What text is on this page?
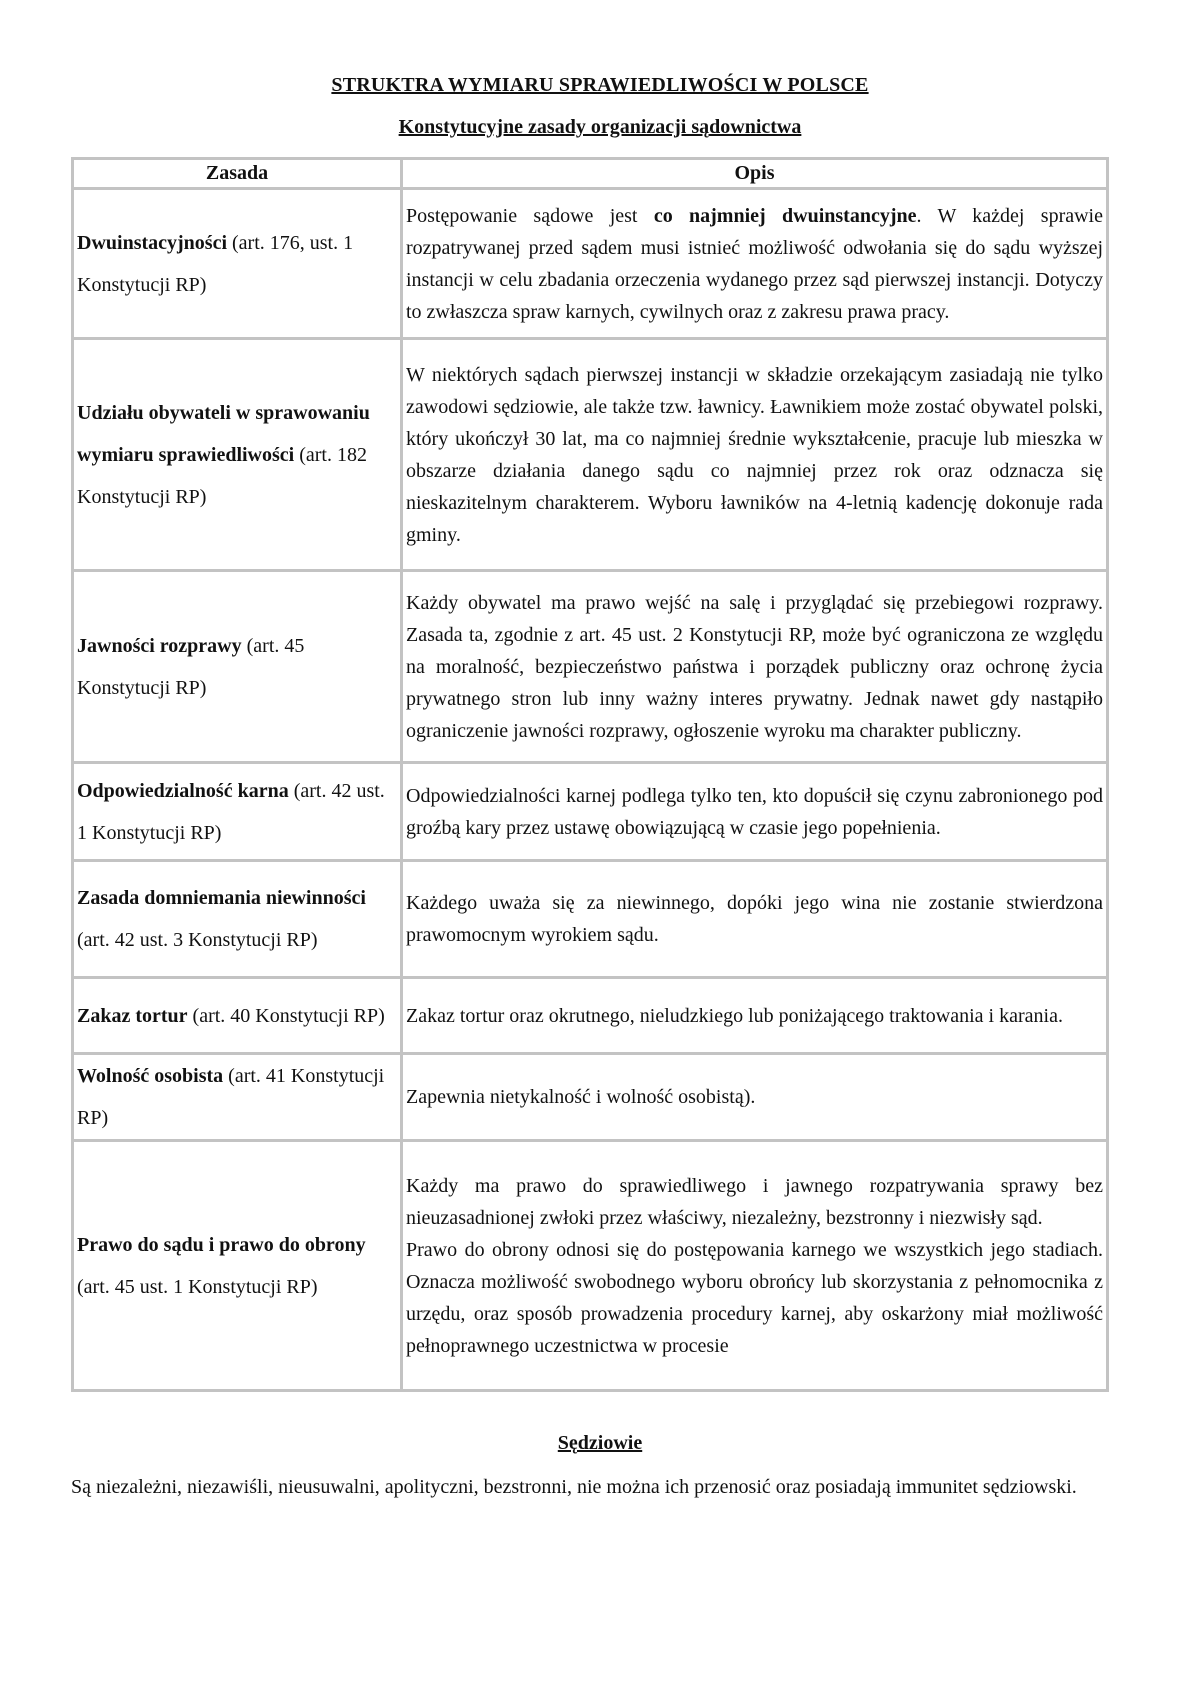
STRUKTRA WYMIARU SPRAWIEDLIWOŚCI W POLSCE
Konstytucyjne zasady organizacji sądownictwa
Zasada	Opis
Dwuinstacyjności (art. 176, ust. 1 Konstytucji RP)	Postępowanie sądowe jest co najmniej dwuinstancyjne. W każdej sprawie rozpatrywanej przed sądem musi istnieć możliwość odwołania się do sądu wyższej instancji w celu zbadania orzeczenia wydanego przez sąd pierwszej instancji. Dotyczy to zwłaszcza spraw karnych, cywilnych oraz z zakresu prawa pracy.
Udziału obywateli w sprawowaniu wymiaru sprawiedliwości (art. 182 Konstytucji RP)	W niektórych sądach pierwszej instancji w składzie orzekającym zasiadają nie tylko zawodowi sędziowie, ale także tzw. ławnicy. Ławnikiem może zostać obywatel polski, który ukończył 30 lat, ma co najmniej średnie wykształcenie, pracuje lub mieszka w obszarze działania danego sądu co najmniej przez rok oraz odznacza się nieskazitelnym charakterem. Wyboru ławników na 4-letnią kadencję dokonuje rada gminy.
Jawności rozprawy (art. 45 Konstytucji RP)	Każdy obywatel ma prawo wejść na salę i przyglądać się przebiegowi rozprawy. Zasada ta, zgodnie z art. 45 ust. 2 Konstytucji RP, może być ograniczona ze względu na moralność, bezpieczeństwo państwa i porządek publiczny oraz ochronę życia prywatnego stron lub inny ważny interes prywatny. Jednak nawet gdy nastąpiło ograniczenie jawności rozprawy, ogłoszenie wyroku ma charakter publiczny.
Odpowiedzialność karna (art. 42 ust. 1 Konstytucji RP)	Odpowiedzialności karnej podlega tylko ten, kto dopuścił się czynu zabronionego pod groźbą kary przez ustawę obowiązującą w czasie jego popełnienia.
Zasada domniemania niewinności (art. 42 ust. 3 Konstytucji RP)	Każdego uważa się za niewinnego, dopóki jego wina nie zostanie stwierdzona prawomocnym wyrokiem sądu.
Zakaz tortur (art. 40 Konstytucji RP)	Zakaz tortur oraz okrutnego, nieludzkiego lub poniżającego traktowania i karania.
Wolność osobista (art. 41 Konstytucji RP)	Zapewnia nietykalność i wolność osobistą).
Prawo do sądu i prawo do obrony (art. 45 ust. 1 Konstytucji RP)	Każdy ma prawo do sprawiedliwego i jawnego rozpatrywania sprawy bez nieuzasadnionej zwłoki przez właściwy, niezależny, bezstronny i niezwisły sąd.
Prawo do obrony odnosi się do postępowania karnego we wszystkich jego stadiach. Oznacza możliwość swobodnego wyboru obrońcy lub skorzystania z pełnomocnika z urzędu, oraz sposób prowadzenia procedury karnej, aby oskarżony miał możliwość pełnoprawnego uczestnictwa w procesie
Sędziowie
Są niezależni, niezawiśli, nieusuwalni, apolityczni, bezstronni, nie można ich przenosić oraz posiadają immunitet sędziowski.
